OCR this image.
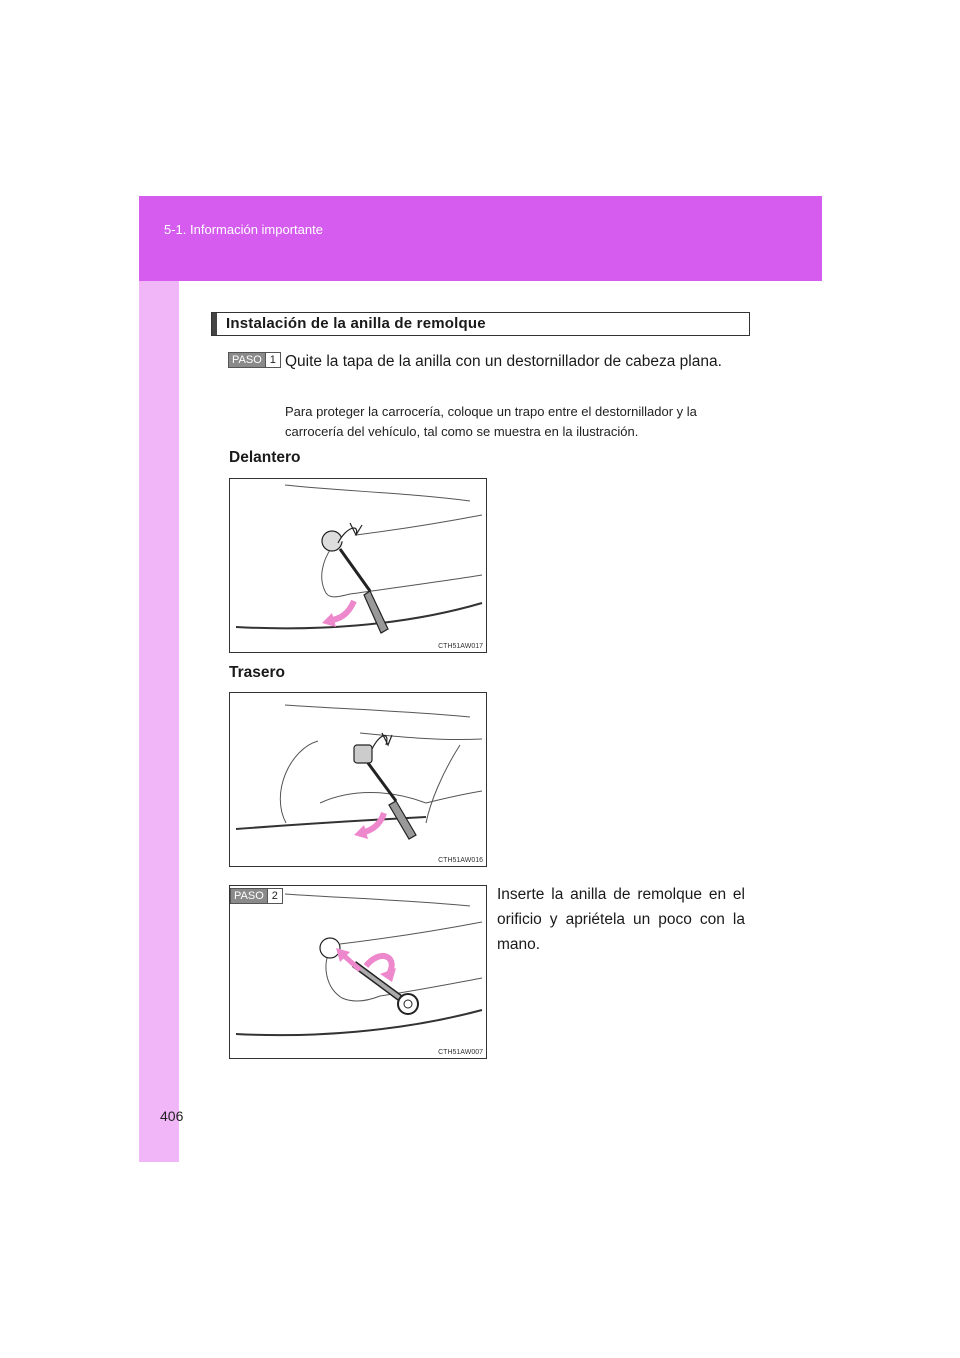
5-1. Información importante
406
Instalación de la anilla de remolque
PASO 1 Quite la tapa de la anilla con un destornillador de cabeza plana.
Para proteger la carrocería, coloque un trapo entre el destornillador y la carrocería del vehículo, tal como se muestra en la ilustración.
Delantero
CTH51AW017
Trasero
CTH51AW016
PASO 2
CTH51AW007
Inserte la anilla de remolque en el orificio y apriétela un poco con la mano.
